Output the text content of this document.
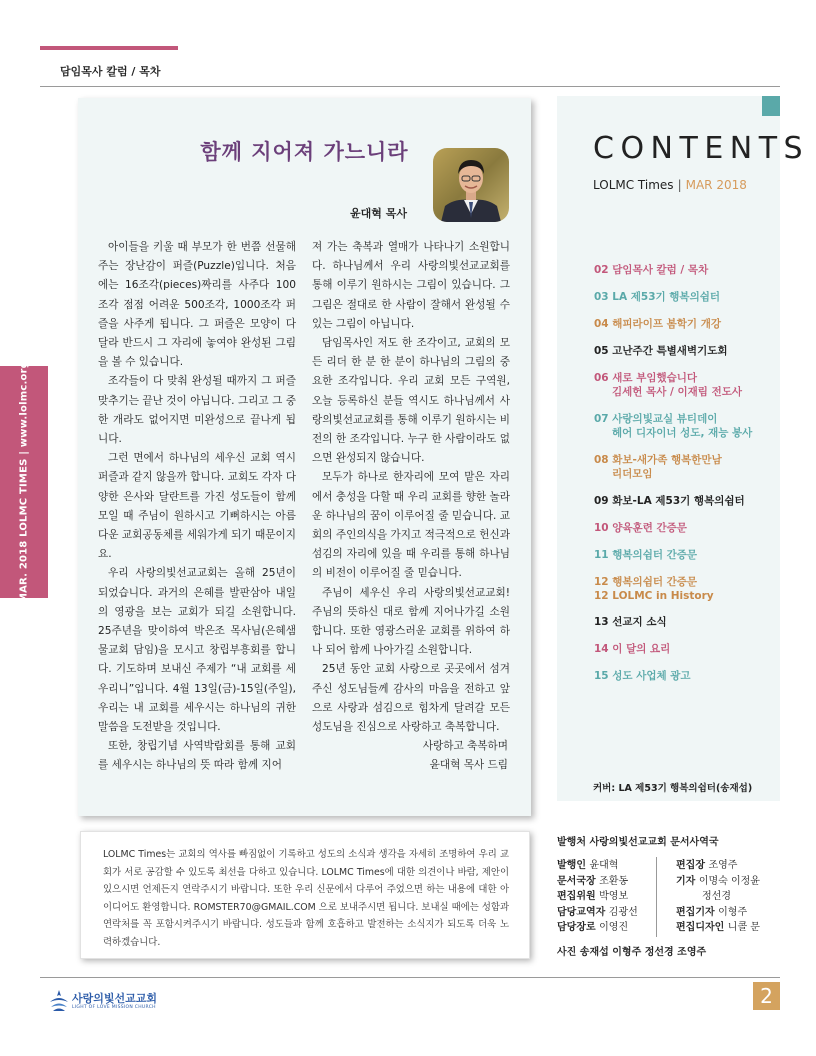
담임목사 칼럼 / 목차
MAR. 2018 LOLMC TIMES | www.lolmc.org
함께 지어져 가느니라
윤대혁 목사

아이들을 키울 때 부모가 한 번쯤 선물해 주는 장난감이 퍼즐(Puzzle)입니다. 처음에는 16조각(pieces)짜리를 사주다 100조각 점점 어려운 500조각, 1000조각 퍼즐을 사주게 됩니다. 그 퍼즐은 모양이 다 달라 반드시 그 자리에 놓여야 완성된 그림을 볼 수 있습니다.

조각들이 다 맞춰 완성될 때까지 그 퍼즐 맞추기는 끝난 것이 아닙니다. 그리고 그 중 한 개라도 없어지면 미완성으로 끝나게 됩니다.

그런 면에서 하나님의 세우신 교회 역시 퍼즐과 같지 않을까 합니다. 교회도 각자 다양한 은사와 달란트를 가진 성도들이 함께 모일 때 주님이 원하시고 기뻐하시는 아름다운 교회공동체를 세워가게 되기 때문이지요.

우리 사랑의빛선교교회는 올해 25년이 되었습니다. 과거의 은혜를 발판삼아 내일의 영광을 보는 교회가 되길 소원합니다. 25주년을 맞이하여 박은조 목사님(은혜샘물교회 담임)을 모시고 창립부흥회를 합니다. 기도하며 보내신 주제가 “내 교회를 세우리니”입니다. 4월 13일(금)-15일(주일), 우리는 내 교회를 세우시는 하나님의 귀한 말씀을 도전받을 것입니다.

또한, 창립기념 사역박람회를 통해 교회를 세우시는 하나님의 뜻 따라 함께 지어

져 가는 축복과 열매가 나타나기 소원합니다. 하나님께서 우리 사랑의빛선교교회를 통해 이루기 원하시는 그림이 있습니다. 그 그림은 절대로 한 사람이 잘해서 완성될 수 있는 그림이 아닙니다.

담임목사인 저도 한 조각이고, 교회의 모든 리더 한 분 한 분이 하나님의 그림의 중요한 조각입니다. 우리 교회 모든 구역원, 오늘 등록하신 분들 역시도 하나님께서 사랑의빛선교교회를 통해 이루기 원하시는 비전의 한 조각입니다. 누구 한 사람이라도 없으면 완성되지 않습니다.

모두가 하나로 한자리에 모여 맡은 자리에서 충성을 다할 때 우리 교회를 향한 놀라운 하나님의 꿈이 이루어질 줄 믿습니다. 교회의 주인의식을 가지고 적극적으로 헌신과 섬김의 자리에 있을 때 우리를 통해 하나님의 비전이 이루어질 줄 믿습니다.

주님이 세우신 우리 사랑의빛선교교회! 주님의 뜻하신 대로 함께 지어나가길 소원합니다. 또한 영광스러운 교회를 위하여 하나 되어 함께 나아가길 소원합니다.

25년 동안 교회 사랑으로 곳곳에서 섬겨주신 성도님들께 감사의 마음을 전하고 앞으로 사랑과 섬김으로 힘차게 달려갈 모든 성도님을 진심으로 사랑하고 축복합니다.

사랑하고 축복하며

윤대혁 목사 드림

CONTENTS
LOLMC Times | MAR 2018
02 담임목사 칼럼 / 목차
03 LA 제53기 행복의쉼터
04 해피라이프 봄학기 개강
05 고난주간 특별새벽기도회
06 새로 부임했습니다
김세헌 목사 / 이재림 전도사
07 사랑의빛교실 뷰티데이
헤어 디자이너 성도, 재능 봉사
08 화보-새가족 행복한만남
리더모임
09 화보-LA 제53기 행복의쉼터
10 양육훈련 간증문
11 행복의쉼터 간증문
12 행복의쉼터 간증문
12 LOLMC in History
13 선교지 소식
14 이 달의 요리
15 성도 사업체 광고
커버: LA 제53기 행복의쉼터(송재섭)

LOLMC Times는 교회의 역사를 빠짐없이 기록하고 성도의 소식과 생각을 자세히 조명하여 우리 교회가 서로 공감할 수 있도록 최선을 다하고 있습니다. LOLMC Times에 대한 의견이나 바람, 제안이 있으시면 언제든지 연락주시기 바랍니다. 또한 우리 신문에서 다루어 주었으면 하는 내용에 대한 아이디어도 환영합니다. ROMSTER70@GMAIL.COM 으로 보내주시면 됩니다. 보내실 때에는 성함과 연락처를 꼭 포함시켜주시기 바랍니다. 성도들과 함께 호흡하고 발전하는 소식지가 되도록 더욱 노력하겠습니다.

발행처 사랑의빛선교교회 문서사역국
발행인 윤대혁
문서국장 조환동
편집위원 박영보
담당교역자 김광선
담당장로 이영진
편집장 조영주
기자 이명숙 이정윤
정선경
편집기자 이형주
편집디자인 니콜 문
사진 송재섭 이형주 정선경 조영주
사랑의빛선교교회
LIGHT OF LOVE MISSION CHURCH	2
